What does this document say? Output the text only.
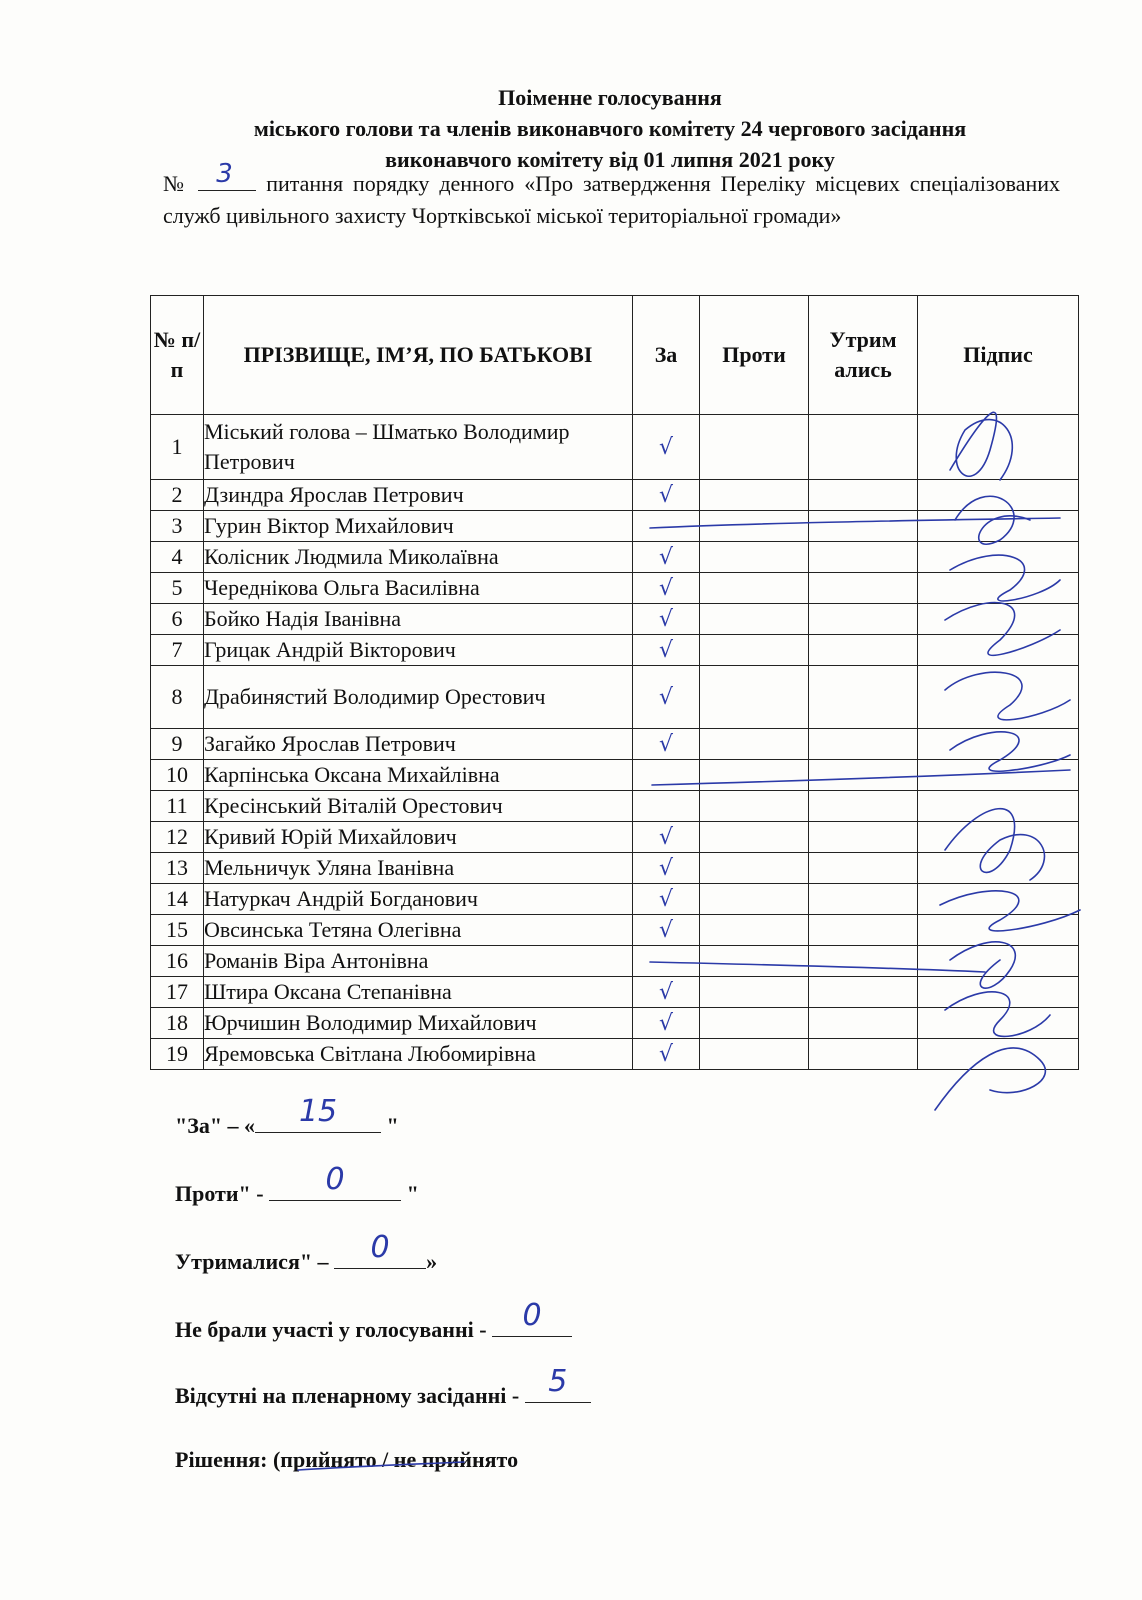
Поіменне голосування
міського голови та членів виконавчого комітету 24 чергового засідання
виконавчого комітету від 01 липня 2021 року
№ 3 питання порядку денного «Про затвердження Переліку місцевих спеціалізованих служб цивільного захисту Чортківської міської територіальної громади»
№ п/п	ПРІЗВИЩЕ, ІМ’Я, ПО БАТЬКОВІ	За	Проти	Утрим ались	Підпис
1	Міський голова – Шматько Володимир Петрович	√			
2	Дзиндра Ярослав Петрович	√			
3	Гурин Віктор Михайлович				
4	Колісник Людмила Миколаївна	√			
5	Череднікова Ольга Василівна	√			
6	Бойко Надія Іванівна	√			
7	Грицак Андрій Вікторович	√			
8	Драбинястий Володимир Орестович	√			
9	Загайко Ярослав Петрович	√			
10	Карпінська Оксана Михайлівна				
11	Кресінський Віталій Орестович				
12	Кривий Юрій Михайлович	√			
13	Мельничук Уляна Іванівна	√			
14	Натуркач Андрій Богданович	√			
15	Овсинська Тетяна Олегівна	√			
16	Романів Віра Антонівна				
17	Штира Оксана Степанівна	√			
18	Юрчишин Володимир Михайлович	√			
19	Яремовська Світлана Любомирівна	√			
"За" – «	15	"
Проти" -	0	"
Утрималися" –	0	»
Не брали участі у голосуванні -	0
Відсутні на пленарному засіданні - 5
Рішення: (прийнято / не прийнято
